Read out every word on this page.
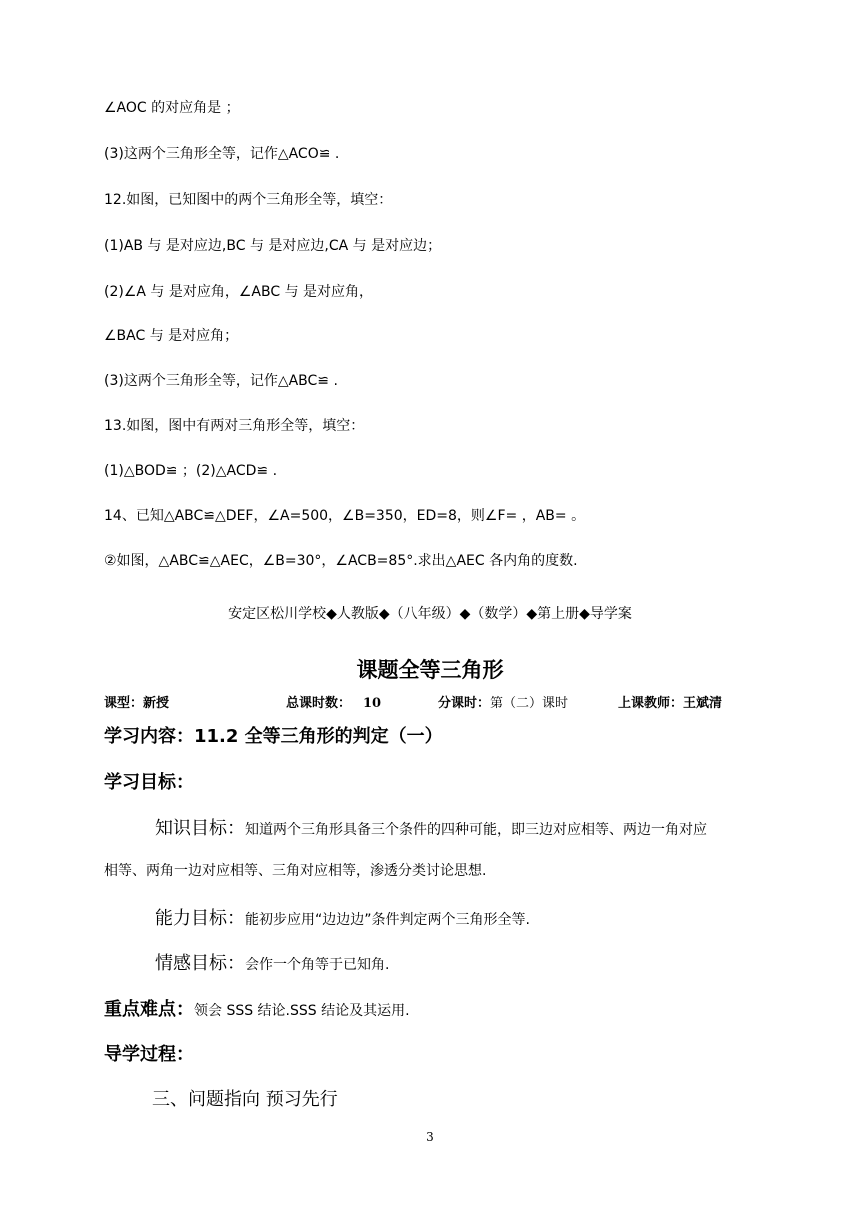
∠AOC 的对应角是 ；
(3)这两个三角形全等，记作△ACO≌ .
12.如图，已知图中的两个三角形全等，填空：
(1)AB 与 是对应边,BC 与 是对应边,CA 与 是对应边；
(2)∠A 与 是对应角，∠ABC 与 是对应角，
∠BAC 与 是对应角；
(3)这两个三角形全等，记作△ABC≌ .
13.如图，图中有两对三角形全等，填空：
(1)△BOD≌ ；(2)△ACD≌ .
14、已知△ABC≌△DEF，∠A=500，∠B=350，ED=8，则∠F= ，AB= 。
②如图，△ABC≌△AEC，∠B=30°，∠ACB=85°.求出△AEC 各内角的度数.
安定区松川学校◆人教版◆（八年级）◆（数学）◆第上册◆导学案
课题全等三角形
课型：新授	总课时数： 10	分课时：第（二）课时	上课教师：王斌清
学习内容：11.2 全等三角形的判定（一）
学习目标：
知识目标：知道两个三角形具备三个条件的四种可能，即三边对应相等、两边一角对应
相等、两角一边对应相等、三角对应相等，渗透分类讨论思想.
能力目标：能初步应用“边边边”条件判定两个三角形全等.
情感目标：会作一个角等于已知角.
重点难点：领会 SSS 结论.SSS 结论及其运用.
导学过程：
三、问题指向 预习先行
3
